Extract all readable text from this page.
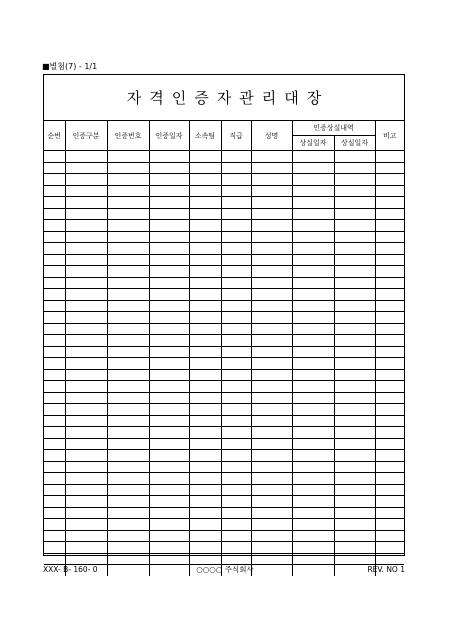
■별첨(7) - 1/1
자격인증자관리대장
순번	인증구분	인증번호	인증일자	소속팀	직급	성명	인증상실내역		비고
							상실일자	상실일자	

XXX- B- 160- 0	○○○○ 주식회사	REV. NO 1
